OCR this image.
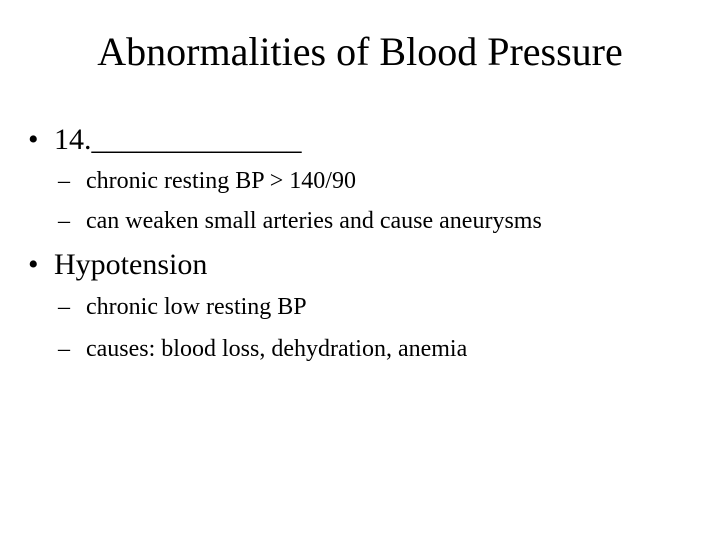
Abnormalities of Blood Pressure
• 14.______________
– chronic resting BP > 140/90
– can weaken small arteries and cause aneurysms
• Hypotension
– chronic low resting BP
– causes: blood loss, dehydration, anemia
